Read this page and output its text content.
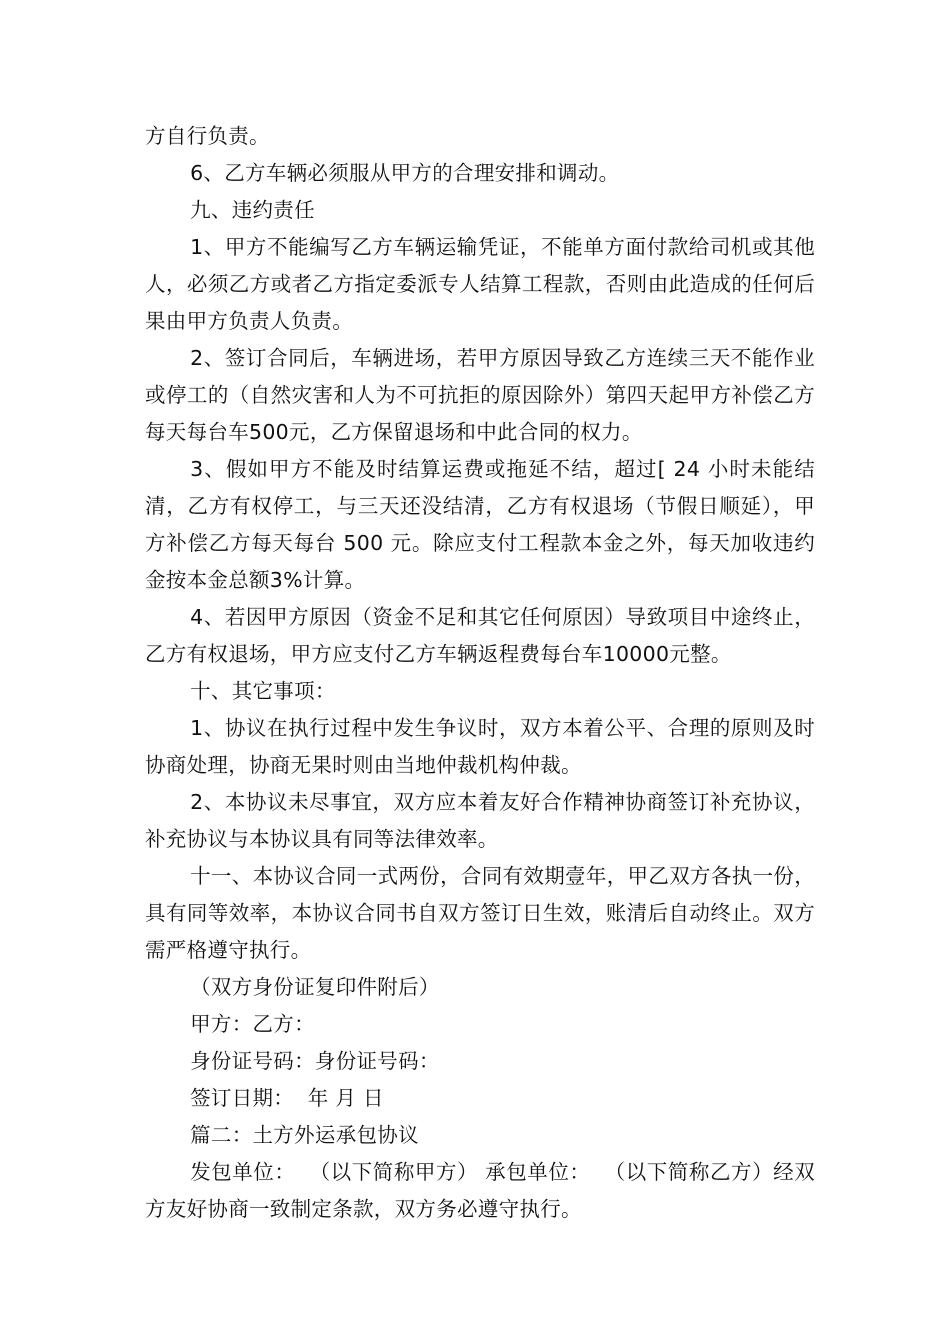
方自行负责。

6、乙方车辆必须服从甲方的合理安排和调动。

九、违约责任

1、甲方不能编写乙方车辆运输凭证，不能单方面付款给司机或其他人，必须乙方或者乙方指定委派专人结算工程款，否则由此造成的任何后果由甲方负责人负责。

2、签订合同后，车辆进场，若甲方原因导致乙方连续三天不能作业或停工的（自然灾害和人为不可抗拒的原因除外）第四天起甲方补偿乙方每天每台车500元，乙方保留退场和中此合同的权力。

3、假如甲方不能及时结算运费或拖延不结，超过[ 24 小时未能结清，乙方有权停工，与三天还没结清，乙方有权退场（节假日顺延），甲方补偿乙方每天每台 500 元。除应支付工程款本金之外，每天加收违约金按本金总额3%计算。

4、若因甲方原因（资金不足和其它任何原因）导致项目中途终止，乙方有权退场，甲方应支付乙方车辆返程费每台车10000元整。

十、其它事项：

1、协议在执行过程中发生争议时，双方本着公平、合理的原则及时协商处理，协商无果时则由当地仲裁机构仲裁。

2、本协议未尽事宜，双方应本着友好合作精神协商签订补充协议，补充协议与本协议具有同等法律效率。

十一、本协议合同一式两份，合同有效期壹年，甲乙双方各执一份，具有同等效率，本协议合同书自双方签订日生效，账清后自动终止。双方需严格遵守执行。

（双方身份证复印件附后）

甲方：乙方：

身份证号码：身份证号码：

签订日期：  年 月 日

篇二：土方外运承包协议

发包单位：  （以下简称甲方） 承包单位：  （以下简称乙方）经双方友好协商一致制定条款，双方务必遵守执行。
